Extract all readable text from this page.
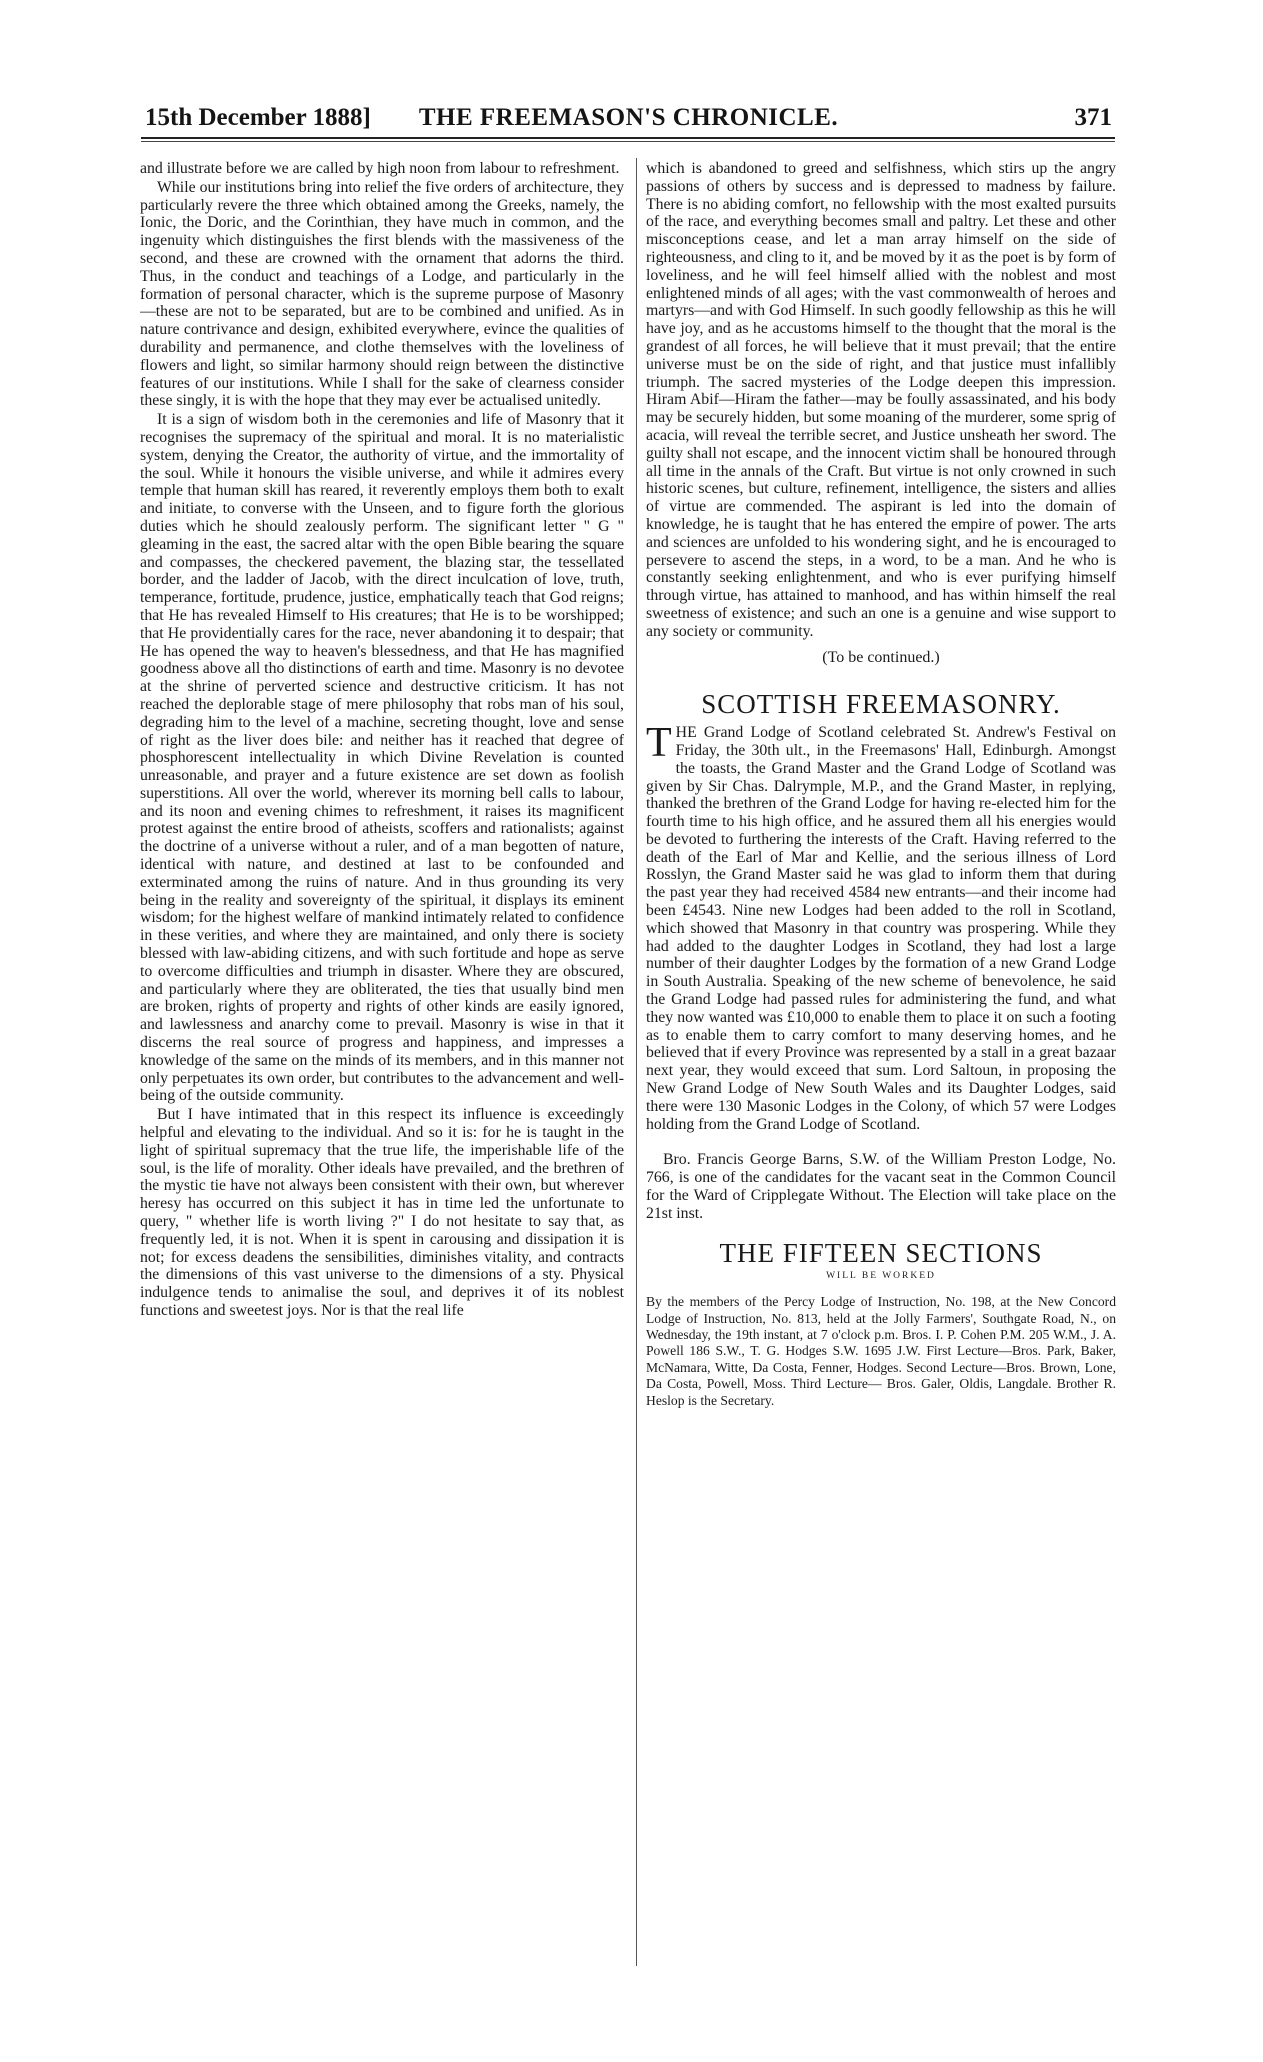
15th December 1888]	THE FREEMASON'S CHRONICLE.	371

and illustrate before we are called by high noon from labour to refreshment.

While our institutions bring into relief the five orders of architecture, they particularly revere the three which obtained among the Greeks, namely, the Ionic, the Doric, and the Corinthian, they have much in common, and the ingenuity which distinguishes the first blends with the massiveness of the second, and these are crowned with the ornament that adorns the third. Thus, in the conduct and teachings of a Lodge, and particularly in the formation of personal character, which is the supreme purpose of Masonry—these are not to be separated, but are to be combined and unified. As in nature contrivance and design, exhibited everywhere, evince the qualities of durability and permanence, and clothe themselves with the loveliness of flowers and light, so similar harmony should reign between the distinctive features of our institutions. While I shall for the sake of clearness consider these singly, it is with the hope that they may ever be actualised unitedly.

It is a sign of wisdom both in the ceremonies and life of Masonry that it recognises the supremacy of the spiritual and moral. It is no materialistic system, denying the Creator, the authority of virtue, and the immortality of the soul. While it honours the visible universe, and while it admires every temple that human skill has reared, it reverently employs them both to exalt and initiate, to converse with the Unseen, and to figure forth the glorious duties which he should zealously perform. The significant letter " G " gleaming in the east, the sacred altar with the open Bible bearing the square and compasses, the checkered pavement, the blazing star, the tessellated border, and the ladder of Jacob, with the direct inculcation of love, truth, temperance, fortitude, prudence, justice, emphatically teach that God reigns; that He has revealed Himself to His creatures; that He is to be worshipped; that He providentially cares for the race, never abandoning it to despair; that He has opened the way to heaven's blessedness, and that He has magnified goodness above all tho distinctions of earth and time. Masonry is no devotee at the shrine of perverted science and destructive criticism. It has not reached the deplorable stage of mere philosophy that robs man of his soul, degrading him to the level of a machine, secreting thought, love and sense of right as the liver does bile: and neither has it reached that degree of phosphorescent intellectuality in which Divine Revelation is counted unreasonable, and prayer and a future existence are set down as foolish superstitions. All over the world, wherever its morning bell calls to labour, and its noon and evening chimes to refreshment, it raises its magnificent protest against the entire brood of atheists, scoffers and rationalists; against the doctrine of a universe without a ruler, and of a man begotten of nature, identical with nature, and destined at last to be confounded and exterminated among the ruins of nature. And in thus grounding its very being in the reality and sovereignty of the spiritual, it displays its eminent wisdom; for the highest welfare of mankind intimately related to confidence in these verities, and where they are maintained, and only there is society blessed with law-abiding citizens, and with such fortitude and hope as serve to overcome difficulties and triumph in disaster. Where they are obscured, and particularly where they are obliterated, the ties that usually bind men are broken, rights of property and rights of other kinds are easily ignored, and lawlessness and anarchy come to prevail. Masonry is wise in that it discerns the real source of progress and happiness, and impresses a knowledge of the same on the minds of its members, and in this manner not only perpetuates its own order, but contributes to the advancement and well-being of the outside community.

But I have intimated that in this respect its influence is exceedingly helpful and elevating to the individual. And so it is: for he is taught in the light of spiritual supremacy that the true life, the imperishable life of the soul, is the life of morality. Other ideals have prevailed, and the brethren of the mystic tie have not always been consistent with their own, but wherever heresy has occurred on this subject it has in time led the unfortunate to query, " whether life is worth living ?" I do not hesitate to say that, as frequently led, it is not. When it is spent in carousing and dissipation it is not; for excess deadens the sensibilities, diminishes vitality, and contracts the dimensions of this vast universe to the dimensions of a sty. Physical indulgence tends to animalise the soul, and deprives it of its noblest functions and sweetest joys. Nor is that the real life

which is abandoned to greed and selfishness, which stirs up the angry passions of others by success and is depressed to madness by failure. There is no abiding comfort, no fellowship with the most exalted pursuits of the race, and everything becomes small and paltry. Let these and other misconceptions cease, and let a man array himself on the side of righteousness, and cling to it, and be moved by it as the poet is by form of loveliness, and he will feel himself allied with the noblest and most enlightened minds of all ages; with the vast commonwealth of heroes and martyrs—and with God Himself. In such goodly fellowship as this he will have joy, and as he accustoms himself to the thought that the moral is the grandest of all forces, he will believe that it must prevail; that the entire universe must be on the side of right, and that justice must infallibly triumph. The sacred mysteries of the Lodge deepen this impression. Hiram Abif—Hiram the father—may be foully assassinated, and his body may be securely hidden, but some moaning of the murderer, some sprig of acacia, will reveal the terrible secret, and Justice unsheath her sword. The guilty shall not escape, and the innocent victim shall be honoured through all time in the annals of the Craft. But virtue is not only crowned in such historic scenes, but culture, refinement, intelligence, the sisters and allies of virtue are commended. The aspirant is led into the domain of knowledge, he is taught that he has entered the empire of power. The arts and sciences are unfolded to his wondering sight, and he is encouraged to persevere to ascend the steps, in a word, to be a man. And he who is constantly seeking enlightenment, and who is ever purifying himself through virtue, has attained to manhood, and has within himself the real sweetness of existence; and such an one is a genuine and wise support to any society or community.

(To be continued.)
SCOTTISH FREEMASONRY.

THE Grand Lodge of Scotland celebrated St. Andrew's Festival on Friday, the 30th ult., in the Freemasons' Hall, Edinburgh. Amongst the toasts, the Grand Master and the Grand Lodge of Scotland was given by Sir Chas. Dalrymple, M.P., and the Grand Master, in replying, thanked the brethren of the Grand Lodge for having re-elected him for the fourth time to his high office, and he assured them all his energies would be devoted to furthering the interests of the Craft. Having referred to the death of the Earl of Mar and Kellie, and the serious illness of Lord Rosslyn, the Grand Master said he was glad to inform them that during the past year they had received 4584 new entrants—and their income had been £4543. Nine new Lodges had been added to the roll in Scotland, which showed that Masonry in that country was prospering. While they had added to the daughter Lodges in Scotland, they had lost a large number of their daughter Lodges by the formation of a new Grand Lodge in South Australia. Speaking of the new scheme of benevolence, he said the Grand Lodge had passed rules for administering the fund, and what they now wanted was £10,000 to enable them to place it on such a footing as to enable them to carry comfort to many deserving homes, and he believed that if every Province was represented by a stall in a great bazaar next year, they would exceed that sum. Lord Saltoun, in proposing the New Grand Lodge of New South Wales and its Daughter Lodges, said there were 130 Masonic Lodges in the Colony, of which 57 were Lodges holding from the Grand Lodge of Scotland.

Bro. Francis George Barns, S.W. of the William Preston Lodge, No. 766, is one of the candidates for the vacant seat in the Common Council for the Ward of Cripplegate Without. The Election will take place on the 21st inst.

THE FIFTEEN SECTIONS
WILL BE WORKED

By the members of the Percy Lodge of Instruction, No. 198, at the New Concord Lodge of Instruction, No. 813, held at the Jolly Farmers', Southgate Road, N., on Wednesday, the 19th instant, at 7 o'clock p.m. Bros. I. P. Cohen P.M. 205 W.M., J. A. Powell 186 S.W., T. G. Hodges S.W. 1695 J.W. First Lecture—Bros. Park, Baker, McNamara, Witte, Da Costa, Fenner, Hodges. Second Lecture—Bros. Brown, Lone, Da Costa, Powell, Moss. Third Lecture— Bros. Galer, Oldis, Langdale. Brother R. Heslop is the Secretary.
